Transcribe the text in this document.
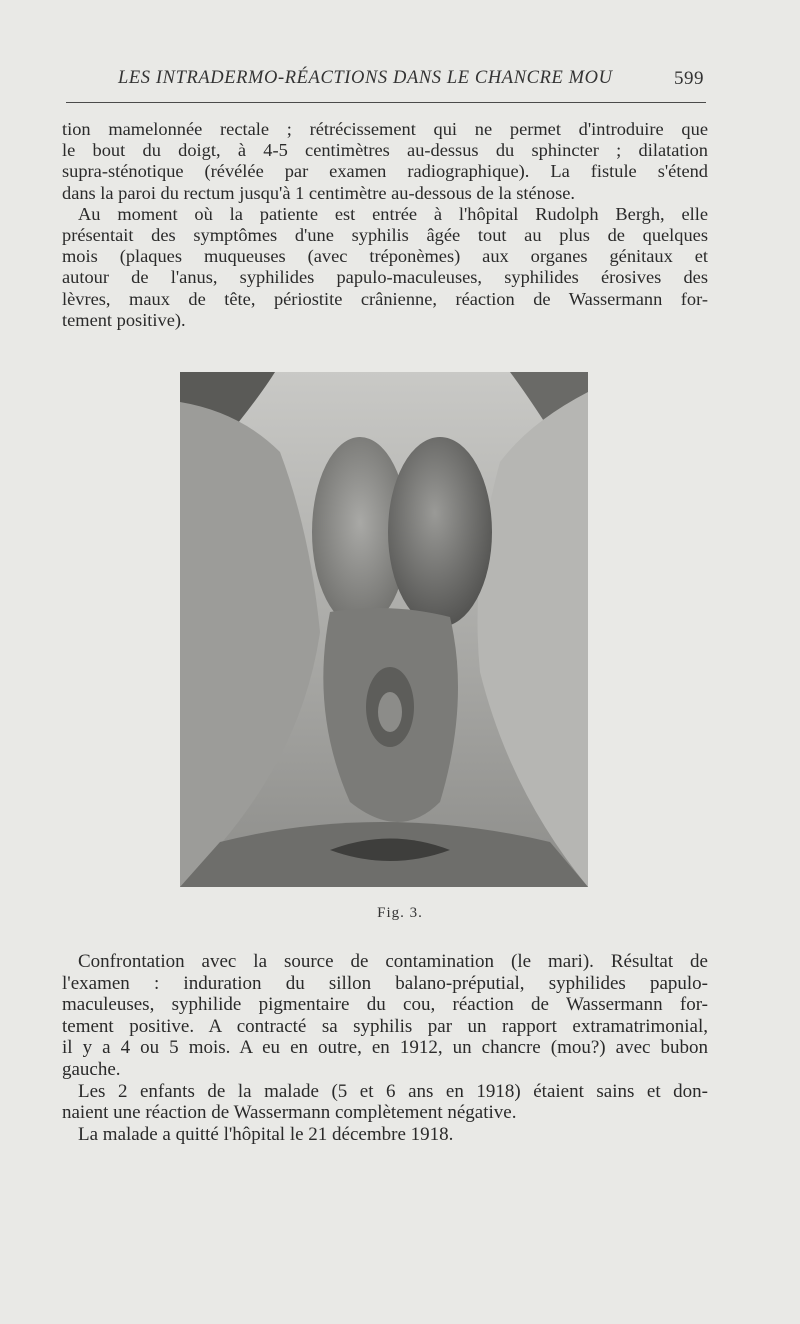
LES INTRADERMO-RÉACTIONS DANS LE CHANCRE MOU	599
tion mamelonnée rectale ; rétrécissement qui ne permet d'introduire que
le bout du doigt, à 4-5 centimètres au-dessus du sphincter ; dilatation
supra-sténotique (révélée par examen radiographique). La fistule s'étend
dans la paroi du rectum jusqu'à 1 centimètre au-dessous de la sténose.
Au moment où la patiente est entrée à l'hôpital Rudolph Bergh, elle
présentait des symptômes d'une syphilis âgée tout au plus de quelques
mois (plaques muqueuses (avec tréponèmes) aux organes génitaux et
autour de l'anus, syphilides papulo-maculeuses, syphilides érosives des
lèvres, maux de tête, périostite crânienne, réaction de Wassermann for-
tement positive).
Fig. 3.
Confrontation avec la source de contamination (le mari). Résultat de
l'examen : induration du sillon balano-préputial, syphilides papulo-
maculeuses, syphilide pigmentaire du cou, réaction de Wassermann for-
tement positive. A contracté sa syphilis par un rapport extramatrimonial,
il y a 4 ou 5 mois. A eu en outre, en 1912, un chancre (mou?) avec bubon
gauche.
Les 2 enfants de la malade (5 et 6 ans en 1918) étaient sains et don-
naient une réaction de Wassermann complètement négative.
La malade a quitté l'hôpital le 21 décembre 1918.
